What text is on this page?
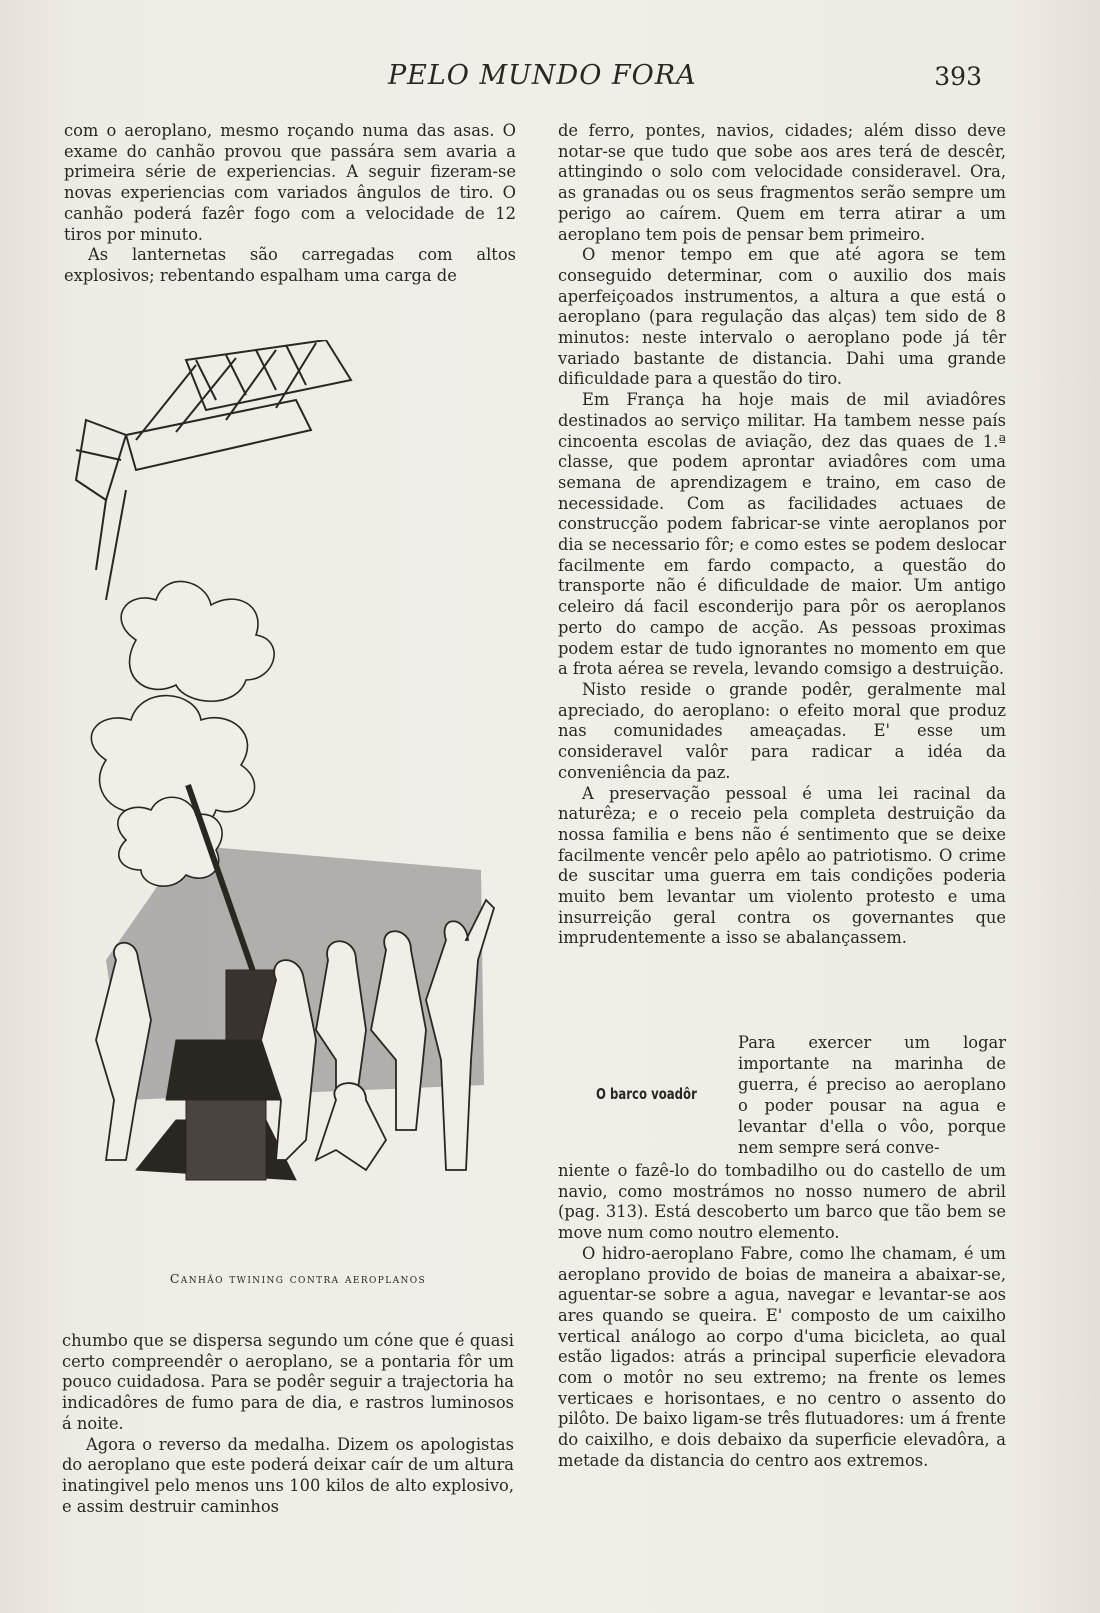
PELO MUNDO FORA	393

com o aeroplano, mesmo roçando numa das asas. O exame do canhão provou que passára sem avaria a primeira série de experiencias. A seguir fizeram-se novas experiencias com variados ângulos de tiro. O canhão poderá fazêr fogo com a velocidade de 12 tiros por minuto.

As lanternetas são carregadas com altos explosivos; rebentando espalham uma carga de

Canhão twining contra aeroplanos

chumbo que se dispersa segundo um cóne que é quasi certo compreendêr o aeroplano, se a pontaria fôr um pouco cuidadosa. Para se podêr seguir a trajectoria ha indicadôres de fumo para de dia, e rastros luminosos á noite.

Agora o reverso da medalha. Dizem os apologistas do aeroplano que este poderá deixar caír de um altura inatingivel pelo menos uns 100 kilos de alto explosivo, e assim destruir caminhos

de ferro, pontes, navios, cidades; além disso deve notar-se que tudo que sobe aos ares terá de descêr, attingindo o solo com velocidade consideravel. Ora, as granadas ou os seus fragmentos serão sempre um perigo ao caírem. Quem em terra atirar a um aeroplano tem pois de pensar bem primeiro.

O menor tempo em que até agora se tem conseguido determinar, com o auxilio dos mais aperfeiçoados instrumentos, a altura a que está o aeroplano (para regulação das alças) tem sido de 8 minutos: neste intervalo o aeroplano pode já têr variado bastante de distancia. Dahi uma grande dificuldade para a questão do tiro.

Em França ha hoje mais de mil aviadôres destinados ao serviço militar. Ha tambem nesse país cincoenta escolas de aviação, dez das quaes de 1.ª classe, que podem aprontar aviadôres com uma semana de aprendizagem e traino, em caso de necessidade. Com as facilidades actuaes de construcção podem fabricar-se vinte aeroplanos por dia se necessario fôr; e como estes se podem deslocar facilmente em fardo compacto, a questão do transporte não é dificuldade de maior. Um antigo celeiro dá facil esconderijo para pôr os aeroplanos perto do campo de acção. As pessoas proximas podem estar de tudo ignorantes no momento em que a frota aérea se revela, levando comsigo a destruição.

Nisto reside o grande podêr, geralmente mal apreciado, do aeroplano: o efeito moral que produz nas comunidades ameaçadas. E' esse um consideravel valôr para radicar a idéa da conveniência da paz.

A preservação pessoal é uma lei racinal da naturêza; e o receio pela completa destruição da nossa familia e bens não é sentimento que se deixe facilmente vencêr pelo apêlo ao patriotismo. O crime de suscitar uma guerra em tais condições poderia muito bem levantar um violento protesto e uma insurreição geral contra os governantes que imprudentemente a isso se abalançassem.

O barco voadôr
Para exercer um logar importante na marinha de guerra, é preciso ao aeroplano o poder pousar na agua e levantar d'ella o vôo, porque nem sempre será conve-

niente o fazê-lo do tombadilho ou do castello de um navio, como mostrámos no nosso numero de abril (pag. 313). Está descoberto um barco que tão bem se move num como noutro elemento.

O hidro-aeroplano Fabre, como lhe chamam, é um aeroplano provido de boias de maneira a abaixar-se, aguentar-se sobre a agua, navegar e levantar-se aos ares quando se queira. E' composto de um caixilho vertical análogo ao corpo d'uma bicicleta, ao qual estão ligados: atrás a principal superficie elevadora com o motôr no seu extremo; na frente os lemes verticaes e horisontaes, e no centro o assento do pilôto. De baixo ligam-se três flutuadores: um á frente do caixilho, e dois debaixo da superficie elevadôra, a metade da distancia do centro aos extremos.
